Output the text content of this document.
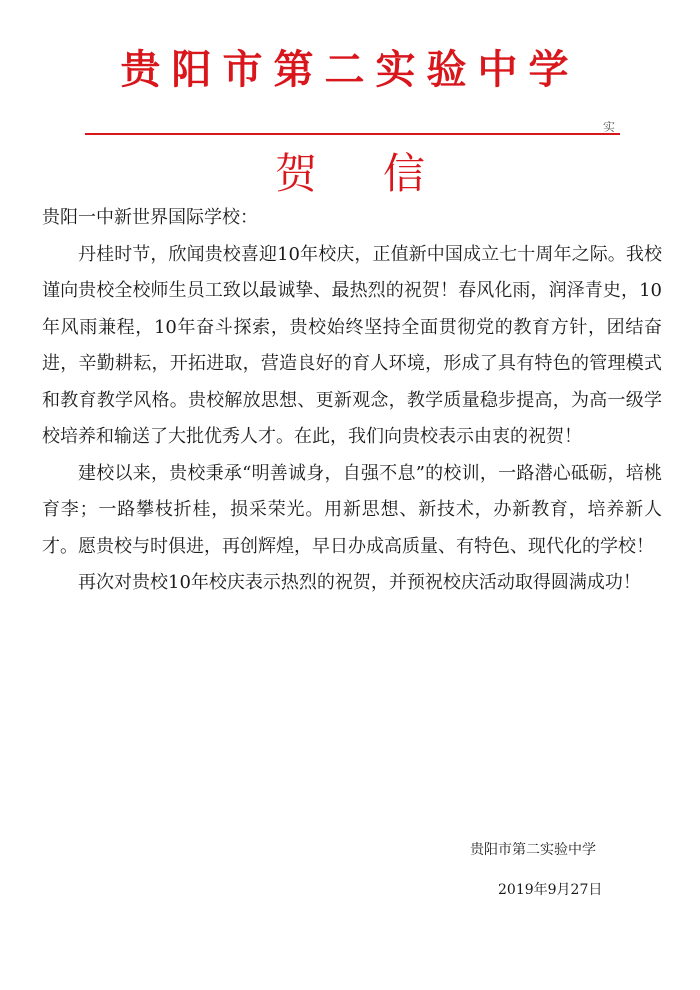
贵阳市第二实验中学
实
贺信

贵阳一中新世界国际学校：

丹桂时节，欣闻贵校喜迎10年校庆，正值新中国成立七十周年之际。我校谨向贵校全校师生员工致以最诚挚、最热烈的祝贺！春风化雨，润泽青史，10年风雨兼程，10年奋斗探索，贵校始终坚持全面贯彻党的教育方针，团结奋进，辛勤耕耘，开拓进取，营造良好的育人环境，形成了具有特色的管理模式和教育教学风格。贵校解放思想、更新观念，教学质量稳步提高，为高一级学校培养和输送了大批优秀人才。在此，我们向贵校表示由衷的祝贺！

建校以来，贵校秉承“明善诚身，自强不息”的校训，一路潜心砥砺，培桃育李；一路攀枝折桂，损采荣光。用新思想、新技术，办新教育，培养新人才。愿贵校与时俱进，再创辉煌，早日办成高质量、有特色、现代化的学校！

再次对贵校10年校庆表示热烈的祝贺，并预祝校庆活动取得圆满成功！

贵阳市第二实验中学
2019年9月27日
